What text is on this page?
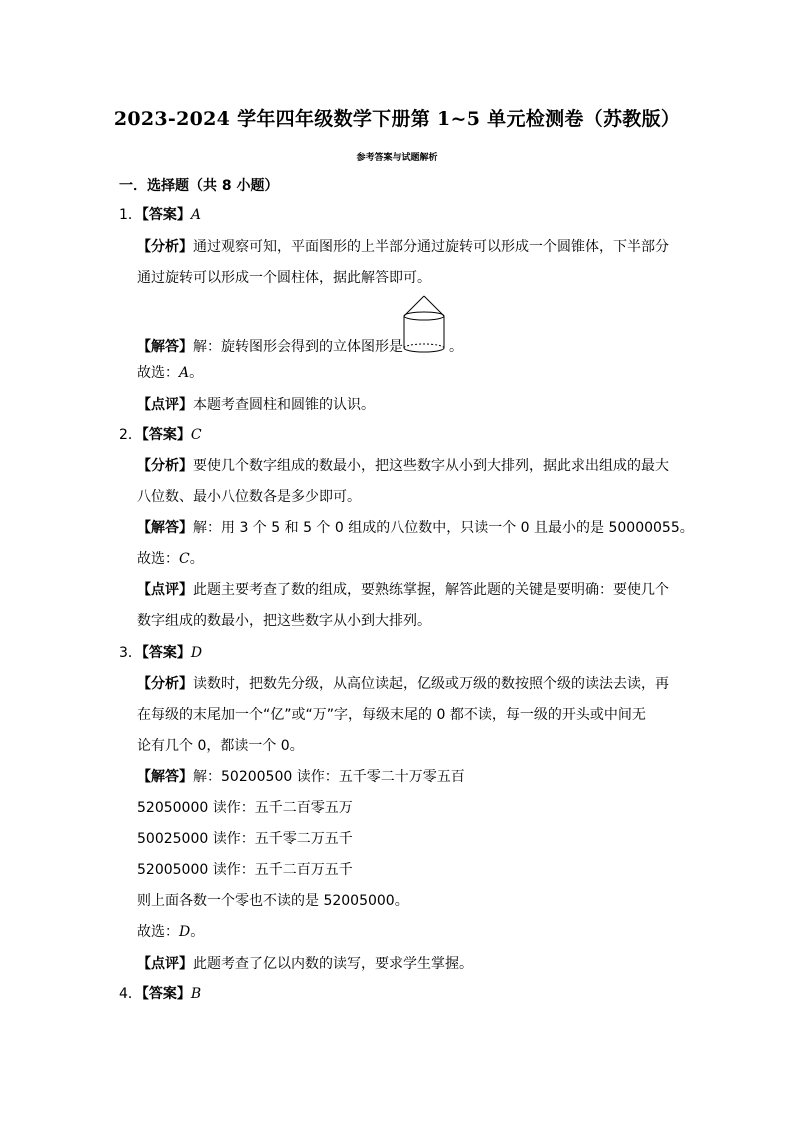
2023-2024 学年四年级数学下册第 1~5 单元检测卷（苏教版）
参考答案与试题解析
一．选择题（共 8 小题）
1．【答案】A
【分析】通过观察可知，平面图形的上半部分通过旋转可以形成一个圆锥体，下半部分
通过旋转可以形成一个圆柱体，据此解答即可。
【解答】解：旋转图形会得到的立体图形是	。
故选：A。
【点评】本题考查圆柱和圆锥的认识。
2．【答案】C
【分析】要使几个数字组成的数最小，把这些数字从小到大排列，据此求出组成的最大
八位数、最小八位数各是多少即可。
【解答】解：用 3 个 5 和 5 个 0 组成的八位数中，只读一个 0 且最小的是 50000055。
故选：C。
【点评】此题主要考查了数的组成，要熟练掌握，解答此题的关键是要明确：要使几个
数字组成的数最小，把这些数字从小到大排列。
3．【答案】D
【分析】读数时，把数先分级，从高位读起，亿级或万级的数按照个级的读法去读，再
在每级的末尾加一个“亿”或“万”字，每级末尾的 0 都不读，每一级的开头或中间无
论有几个 0，都读一个 0。
【解答】解：50200500 读作：五千零二十万零五百
52050000 读作：五千二百零五万
50025000 读作：五千零二万五千
52005000 读作：五千二百万五千
则上面各数一个零也不读的是 52005000。
故选：D。
【点评】此题考查了亿以内数的读写，要求学生掌握。
4．【答案】B
